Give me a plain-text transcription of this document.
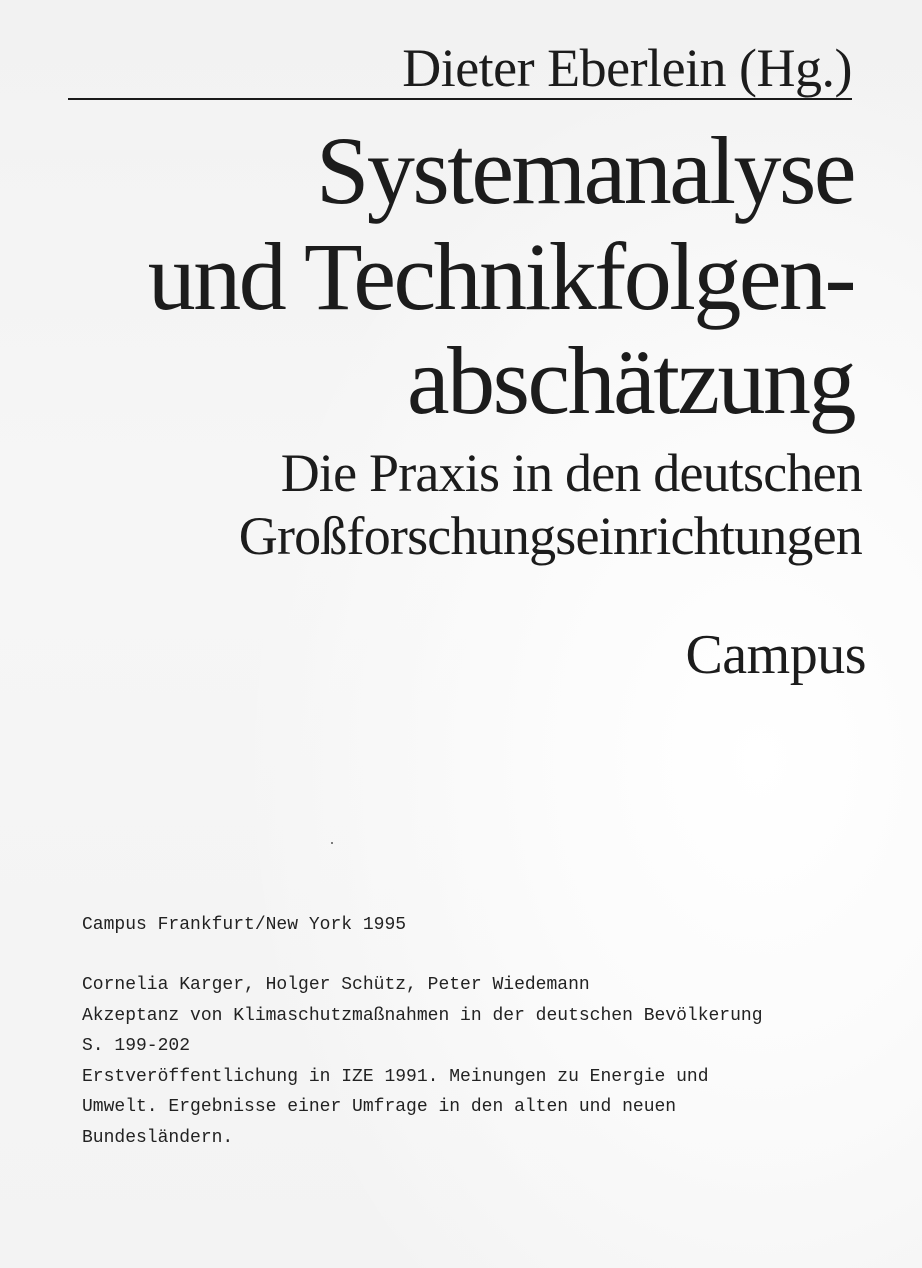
Dieter Eberlein (Hg.)
Systemanalyse
und Technikfolgen-
abschätzung
Die Praxis in den deutschen
Großforschungseinrichtungen
Campus
Campus Frankfurt/New York 1995
Cornelia Karger, Holger Schütz, Peter Wiedemann
Akzeptanz von Klimaschutzmaßnahmen in der deutschen Bevölkerung
S. 199-202
Erstveröffentlichung in IZE 1991. Meinungen zu Energie und
Umwelt. Ergebnisse einer Umfrage in den alten und neuen
Bundesländern.
